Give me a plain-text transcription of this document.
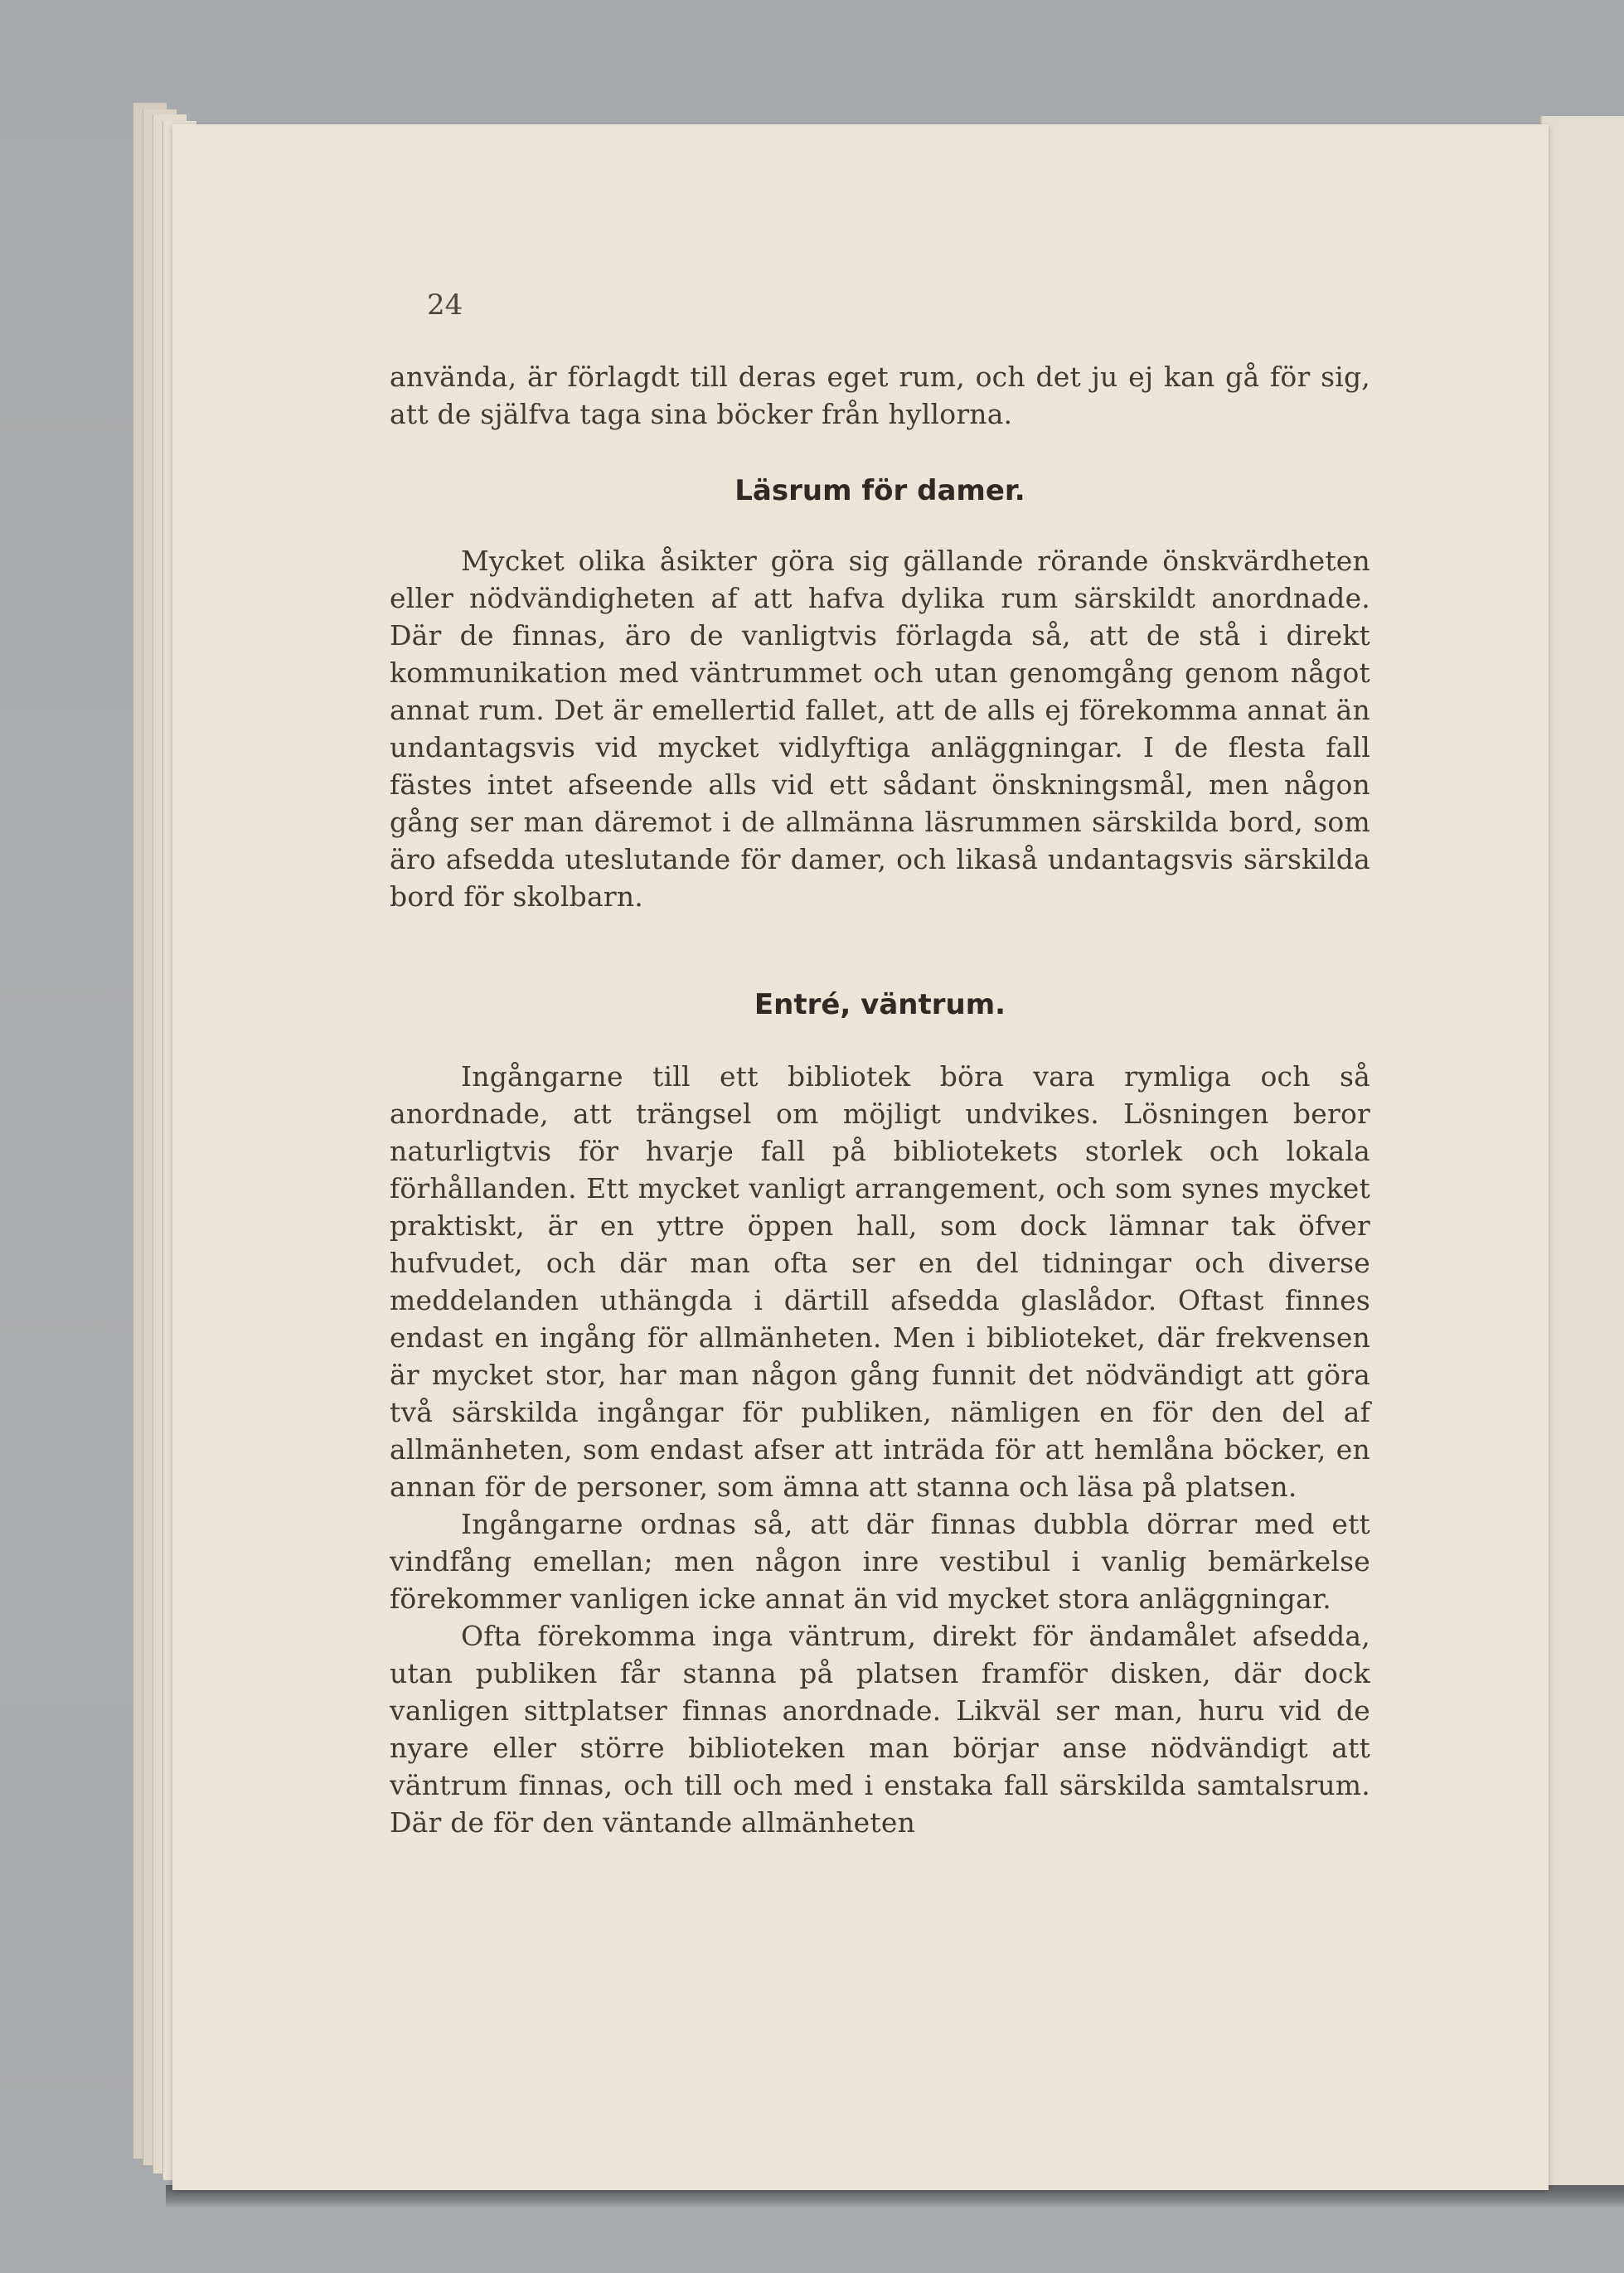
24

använda, är förlagdt till deras eget rum, och det ju ej kan gå för sig, att de själfva taga sina böcker från hyllorna.

Läsrum för damer.

Mycket olika åsikter göra sig gällande rörande önskvärdheten eller nödvändigheten af att hafva dylika rum särskildt anordnade. Där de finnas, äro de vanligtvis förlagda så, att de stå i direkt kommunikation med väntrummet och utan genomgång genom något annat rum. Det är emellertid fallet, att de alls ej förekomma annat än undantagsvis vid mycket vidlyftiga anläggningar. I de flesta fall fästes intet afseende alls vid ett sådant önskningsmål, men någon gång ser man däremot i de allmänna läsrummen särskilda bord, som äro afsedda uteslutande för damer, och likaså undantagsvis särskilda bord för skolbarn.

Entré, väntrum.

Ingångarne till ett bibliotek böra vara rymliga och så anordnade, att trängsel om möjligt undvikes. Lösningen beror naturligtvis för hvarje fall på bibliotekets storlek och lokala förhållanden. Ett mycket vanligt arrangement, och som synes mycket praktiskt, är en yttre öppen hall, som dock lämnar tak öfver hufvudet, och där man ofta ser en del tidningar och diverse meddelanden uthängda i därtill afsedda glaslådor. Oftast finnes endast en ingång för allmänheten. Men i biblioteket, där frekvensen är mycket stor, har man någon gång funnit det nödvändigt att göra två särskilda ingångar för publiken, nämligen en för den del af allmänheten, som endast afser att inträda för att hemlåna böcker, en annan för de personer, som ämna att stanna och läsa på platsen.

Ingångarne ordnas så, att där finnas dubbla dörrar med ett vindfång emellan; men någon inre vestibul i vanlig bemärkelse förekommer vanligen icke annat än vid mycket stora anläggningar.

Ofta förekomma inga väntrum, direkt för ändamålet afsedda, utan publiken får stanna på platsen framför disken, där dock vanligen sittplatser finnas anordnade. Likväl ser man, huru vid de nyare eller större biblioteken man börjar anse nödvändigt att väntrum finnas, och till och med i enstaka fall särskilda samtalsrum. Där de för den väntande allmänheten
